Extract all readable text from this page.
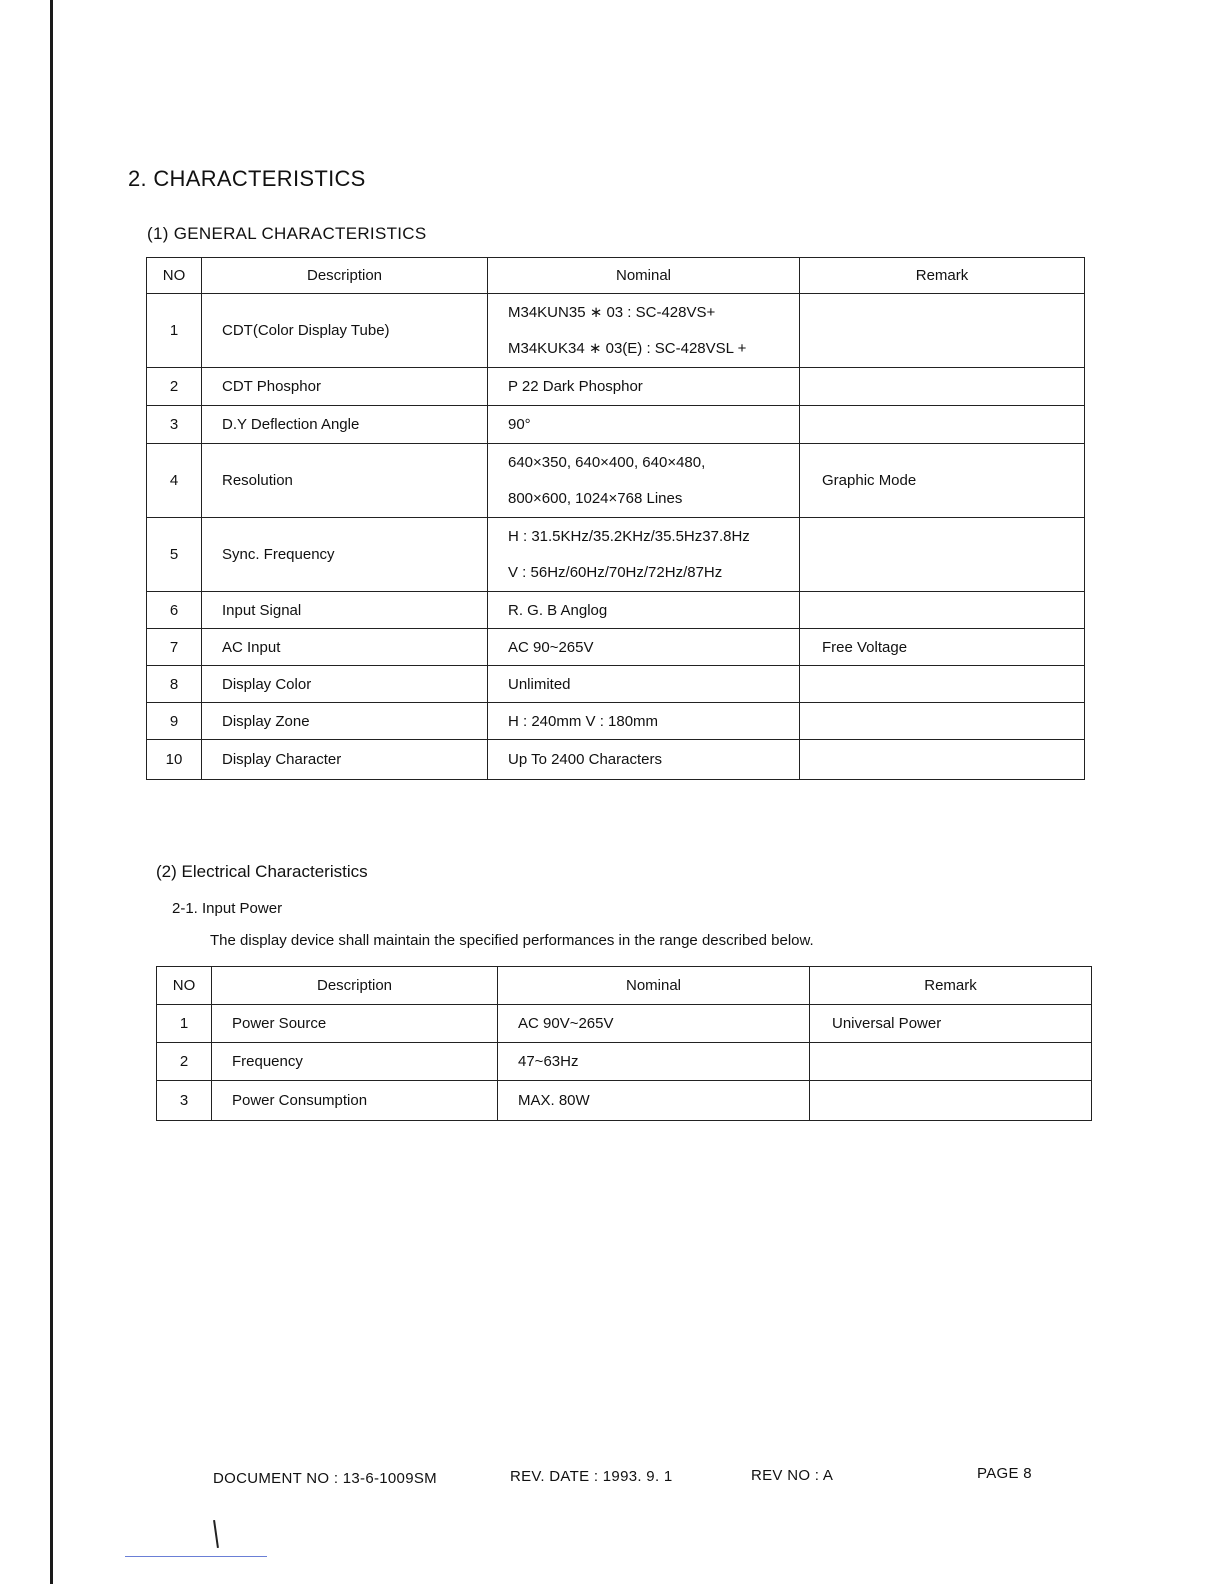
2. CHARACTERISTICS
(1) GENERAL CHARACTERISTICS
NO	Description	Nominal	Remark
1	CDT(Color Display Tube)	M34KUN35 ∗ 03 : SC-428VS+
M34KUK34 ∗ 03(E) : SC-428VSL +	

2	CDT Phosphor	P 22 Dark Phosphor	
3	D.Y Deflection Angle	90°	
4	Resolution	640×350, 640×400, 640×480,
800×600, 1024×768 Lines	Graphic Mode
5	Sync. Frequency	H : 31.5KHz/35.2KHz/35.5Hz37.8Hz
V : 56Hz/60Hz/70Hz/72Hz/87Hz	

6	Input Signal	R. G. B Anglog	
7	AC Input	AC 90~265V	Free Voltage
8	Display Color	Unlimited	
9	Display Zone	H : 240mm V : 180mm	
10	Display Character	Up To 2400 Characters	
(2) Electrical Characteristics
2-1. Input Power
The display device shall maintain the specified performances in the range described below.
NO	Description	Nominal	Remark
1	Power Source	AC 90V~265V	Universal Power
2	Frequency	47~63Hz	
3	Power Consumption	MAX. 80W	
DOCUMENT NO : 13-6-1009SM	REV. DATE : 1993. 9. 1	REV NO : A	PAGE 8
